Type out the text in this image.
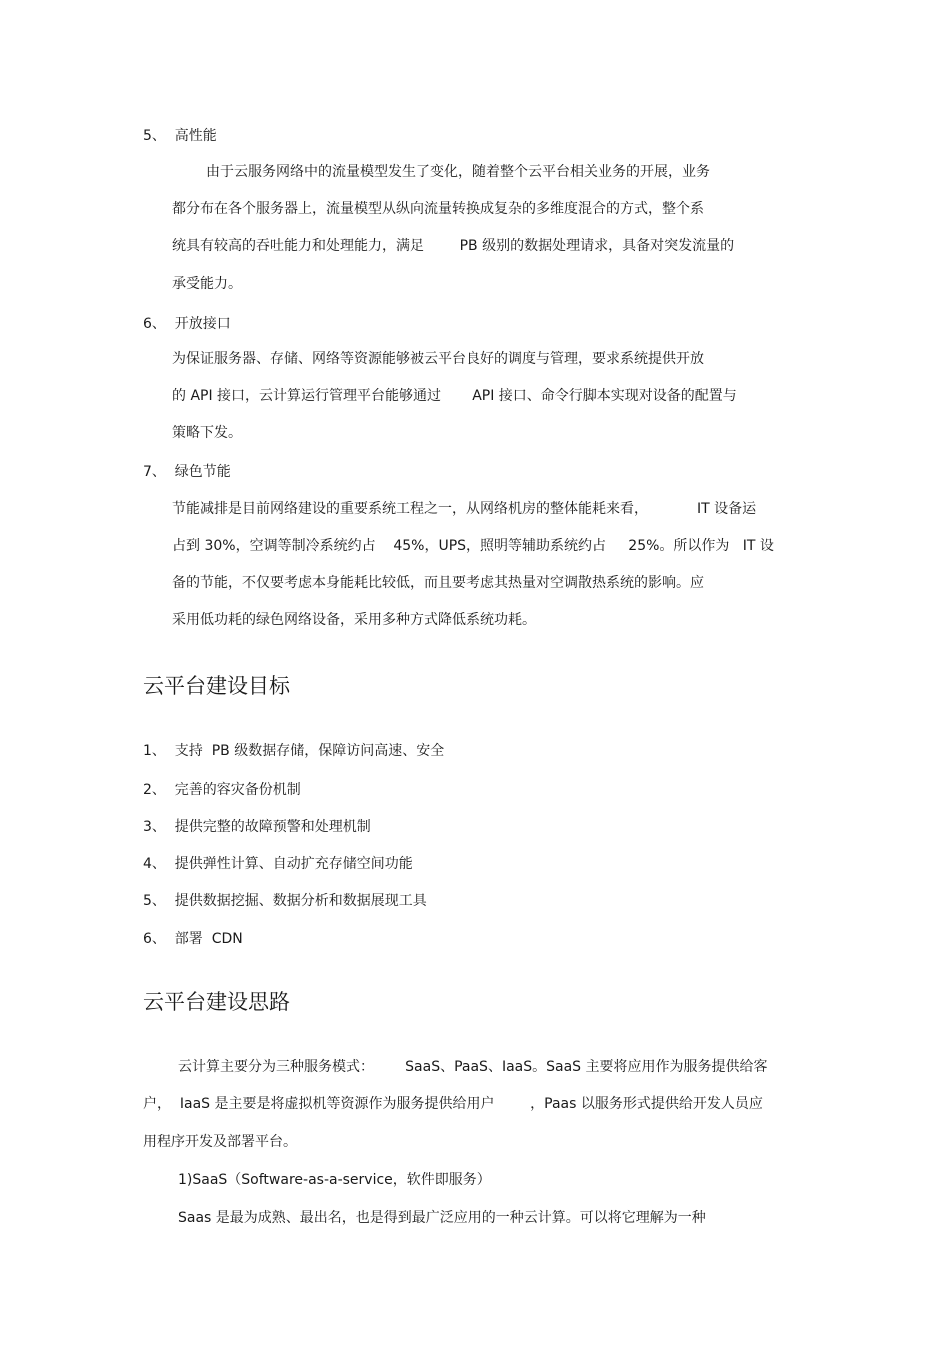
5、  高性能
由于云服务网络中的流量模型发生了变化，随着整个云平台相关业务的开展，业务
都分布在各个服务器上，流量模型从纵向流量转换成复杂的多维度混合的方式，整个系
统具有较高的吞吐能力和处理能力，满足        PB 级别的数据处理请求，具备对突发流量的
承受能力。
6、  开放接口
为保证服务器、存储、网络等资源能够被云平台良好的调度与管理，要求系统提供开放
的 API 接口，云计算运行管理平台能够通过       API 接口、命令行脚本实现对设备的配置与
策略下发。
7、  绿色节能
节能减排是目前网络建设的重要系统工程之一，从网络机房的整体能耗来看，           IT 设备运
占到 30%，空调等制冷系统约占    45%，UPS，照明等辅助系统约占     25%。所以作为   IT 设
备的节能，不仅要考虑本身能耗比较低，而且要考虑其热量对空调散热系统的影响。应
采用低功耗的绿色网络设备，采用多种方式降低系统功耗。
云平台建设目标
1、  支持  PB 级数据存储，保障访问高速、安全
2、  完善的容灾备份机制
3、  提供完整的故障预警和处理机制
4、  提供弹性计算、自动扩充存储空间功能
5、  提供数据挖掘、数据分析和数据展现工具
6、  部署  CDN
云平台建设思路
云计算主要分为三种服务模式：       SaaS、PaaS、IaaS。SaaS 主要将应用作为服务提供给客
户，  IaaS 是主要是将虚拟机等资源作为服务提供给用户        ，Paas 以服务形式提供给开发人员应
用程序开发及部署平台。
1)SaaS（Software-as-a-service，软件即服务）
Saas 是最为成熟、最出名，也是得到最广泛应用的一种云计算。可以将它理解为一种
